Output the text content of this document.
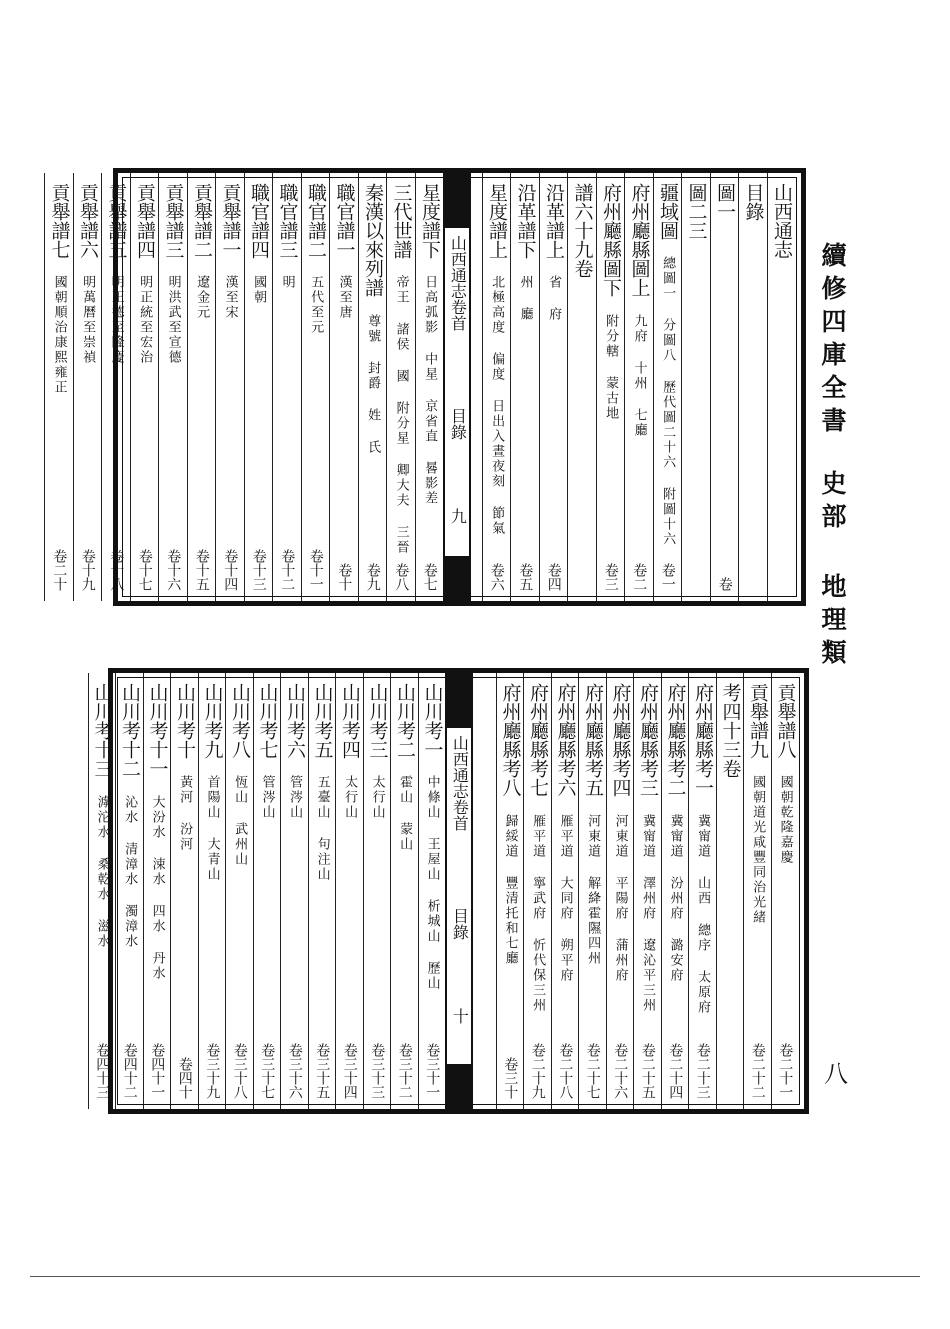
續修四庫全書
史部 地理類
八
山西通志
目錄
圖一
卷
圖二三
疆域圖
總圖一 分圖八 歷代圖二十六 附圖十六
卷一
府州廳縣圖上
九府 十州 七廳
卷二
府州廳縣圖下
附分轄 蒙古地
卷三
譜六十九卷
沿革譜上
省 府
卷四
沿革譜下
州 廳
卷五
星度譜上
北極高度 偏度 日出入晝夜刻 節氣
卷六
山西通志卷首
目錄
九
星度譜下
日高弧影 中星 京省直 晷影差
卷七
三代世譜
帝王 諸侯 國 附分星 卿大夫 三晉
卷八
秦漢以來列譜
尊號 封爵 姓 氏
卷九
職官譜一
漢至唐
卷十
職官譜二
五代至元
卷十一
職官譜三
明
卷十二
職官譜四
國朝
卷十三
貢舉譜一
漢至宋
卷十四
貢舉譜二
遼金元
卷十五
貢舉譜三
明洪武至宣德
卷十六
貢舉譜四
明正統至宏治
卷十七
貢舉譜五
明正德至隆慶
卷十八
貢舉譜六
明萬曆至崇禎
卷十九
貢舉譜七
國朝順治康熙雍正
卷二十
貢舉譜八
國朝乾隆嘉慶
卷二十一
貢舉譜九
國朝道光咸豐同治光緒
卷二十二
考四十三卷
府州廳縣考一
冀甯道 山西 總序 太原府
卷二十三
府州廳縣考二
冀甯道 汾州府 潞安府
卷二十四
府州廳縣考三
冀甯道 澤州府 遼沁平三州
卷二十五
府州廳縣考四
河東道 平陽府 蒲州府
卷二十六
府州廳縣考五
河東道 解絳霍隰四州
卷二十七
府州廳縣考六
雁平道 大同府 朔平府
卷二十八
府州廳縣考七
雁平道 寧武府 忻代保三州
卷二十九
府州廳縣考八
歸綏道 豐清托和七廳
卷三十
山西通志卷首
目錄
十
山川考一
中條山 王屋山 析城山 歷山
卷三十一
山川考二
霍山 蒙山
卷三十二
山川考三
太行山
卷三十三
山川考四
太行山
卷三十四
山川考五
五臺山 句注山
卷三十五
山川考六
管涔山
卷三十六
山川考七
管涔山
卷三十七
山川考八
恆山 武州山
卷三十八
山川考九
首陽山 大青山
卷三十九
山川考十
黃河 汾河
卷四十
山川考十一
大汾水 涑水 四水 丹水
卷四十一
山川考十二
沁水 清漳水 濁漳水
卷四十二
山川考十三
滹沱水 桑乾水 滋水
卷四十三
